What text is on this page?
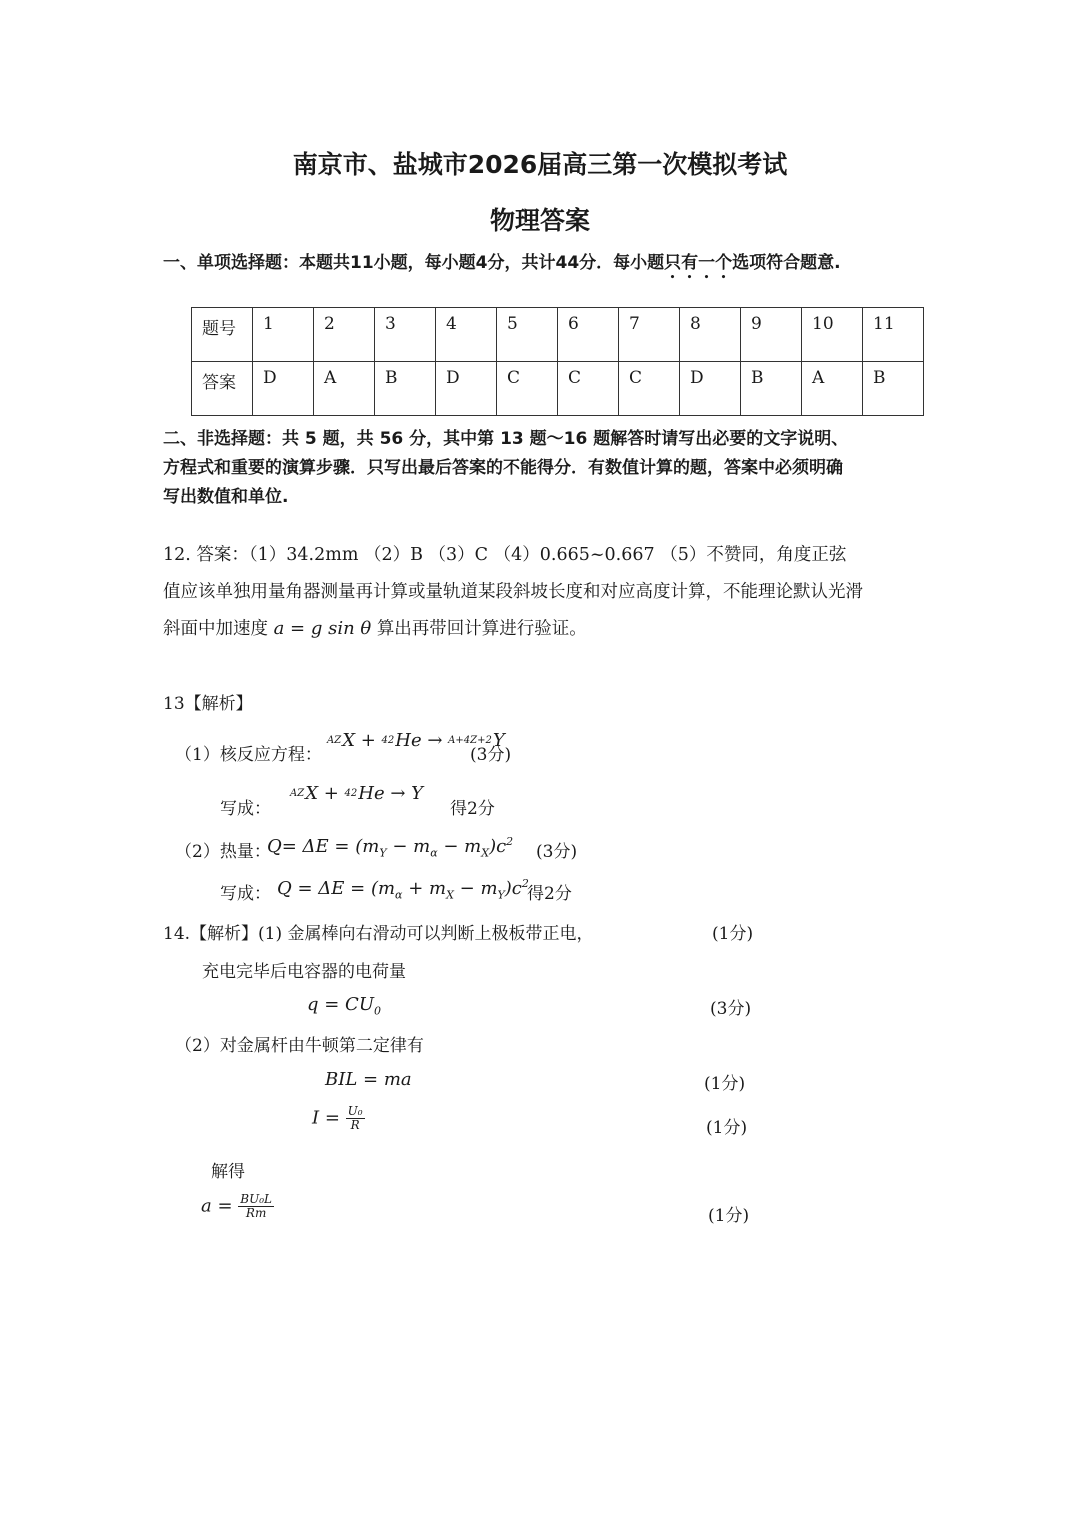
南京市、盐城市2026届高三第一次模拟考试
物理答案
一、单项选择题：本题共11小题，每小题4分，共计44分．每小题只有一个选项符合题意.
题号	1	2	3	4	5	6	7	8	9	10	11
答案	D	A	B	D	C	C	C	D	B	A	B
二、非选择题：共 5 题，共 56 分，其中第 13 题～16 题解答时请写出必要的文字说明、
方程式和重要的演算步骤．只写出最后答案的不能得分．有数值计算的题，答案中必须明确
写出数值和单位.
12. 答案：（1）34.2mm （2）B （3）C （4）0.665~0.667 （5）不赞同，角度正弦
值应该单独用量角器测量再计算或量轨道某段斜坡长度和对应高度计算，不能理论默认光滑
斜面中加速度 a = g sin θ 算出再带回计算进行验证。
13【解析】
（1）核反应方程：
AZX + 42He → A+4Z+2Y
(3分)
写成：
AZX + 42He → Y
得2分
（2）热量：
$Q= \Delta E = (m_Y - m_\alpha - m_X)c^2$
(3分)
写成： $Q = \Delta E = (m_\alpha + m_X - m_Y)c^2$
得2分
14.【解析】(1) 金属棒向右滑动可以判断上极板带正电，	(1分)
充电完毕后电容器的电荷量
$q = CU_0$	(3分)
（2）对金属杆由牛顿第二定律有
BIL = ma	(1分)
$I = \frac{\text{U₀}}{R}$	(1分)
解得
$a = \frac{\text{BU₀L}}{Rm}$	(1分)
